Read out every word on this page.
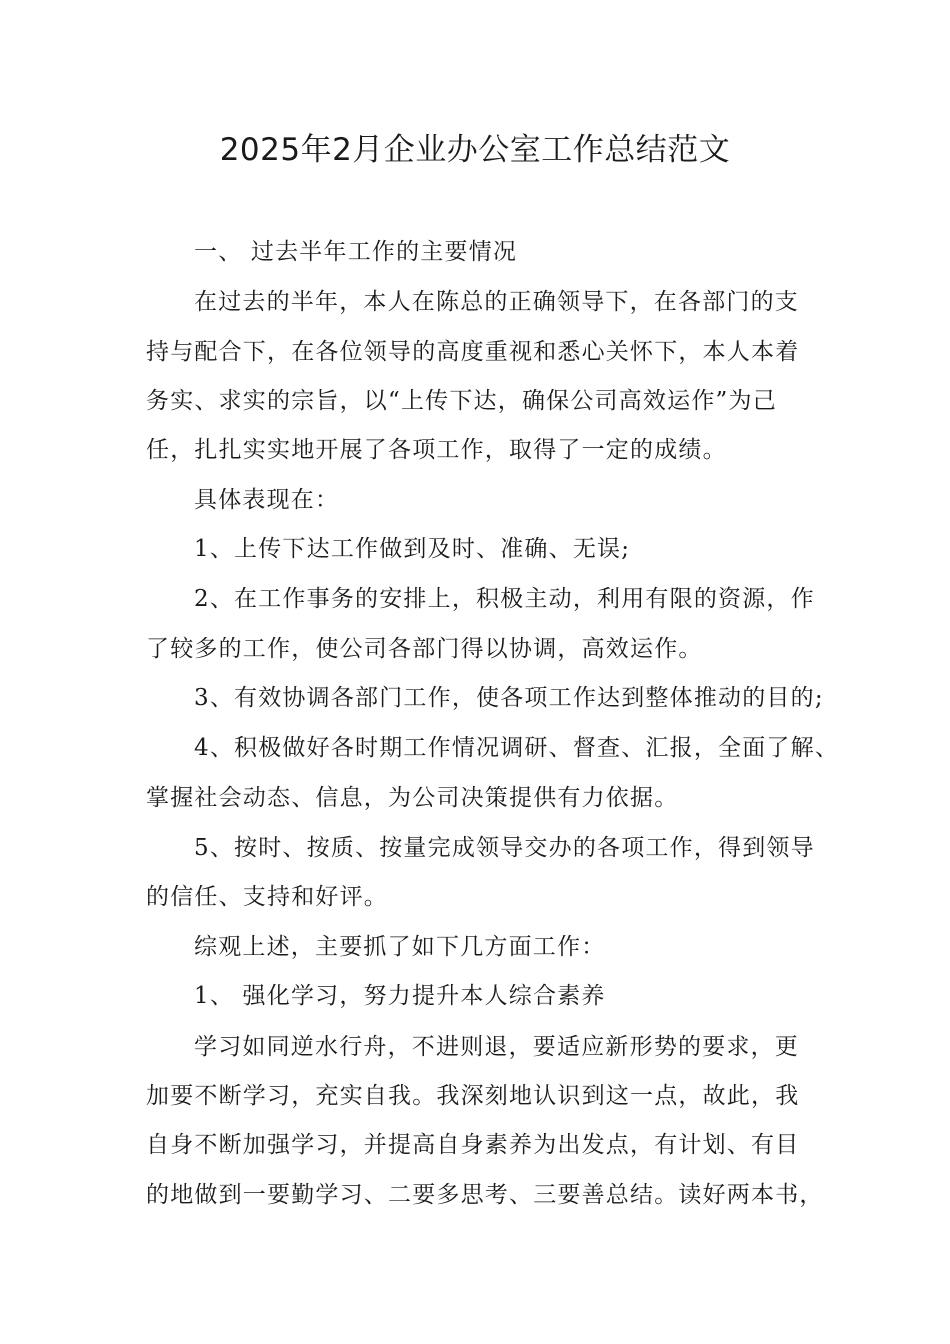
2025年2月企业办公室工作总结范文
一、 过去半年工作的主要情况
在过去的半年，本人在陈总的正确领导下，在各部门的支
持与配合下，在各位领导的高度重视和悉心关怀下，本人本着
务实、求实的宗旨，以“上传下达，确保公司高效运作”为己
任，扎扎实实地开展了各项工作，取得了一定的成绩。
具体表现在：
1、上传下达工作做到及时、准确、无误;
2、在工作事务的安排上，积极主动，利用有限的资源，作
了较多的工作，使公司各部门得以协调，高效运作。
3、有效协调各部门工作，使各项工作达到整体推动的目的;
4、积极做好各时期工作情况调研、督查、汇报，全面了解、
掌握社会动态、信息，为公司决策提供有力依据。
5、按时、按质、按量完成领导交办的各项工作，得到领导
的信任、支持和好评。
综观上述，主要抓了如下几方面工作：
1、 强化学习，努力提升本人综合素养
学习如同逆水行舟，不进则退，要适应新形势的要求，更
加要不断学习，充实自我。我深刻地认识到这一点，故此，我
自身不断加强学习，并提高自身素养为出发点，有计划、有目
的地做到一要勤学习、二要多思考、三要善总结。读好两本书，
